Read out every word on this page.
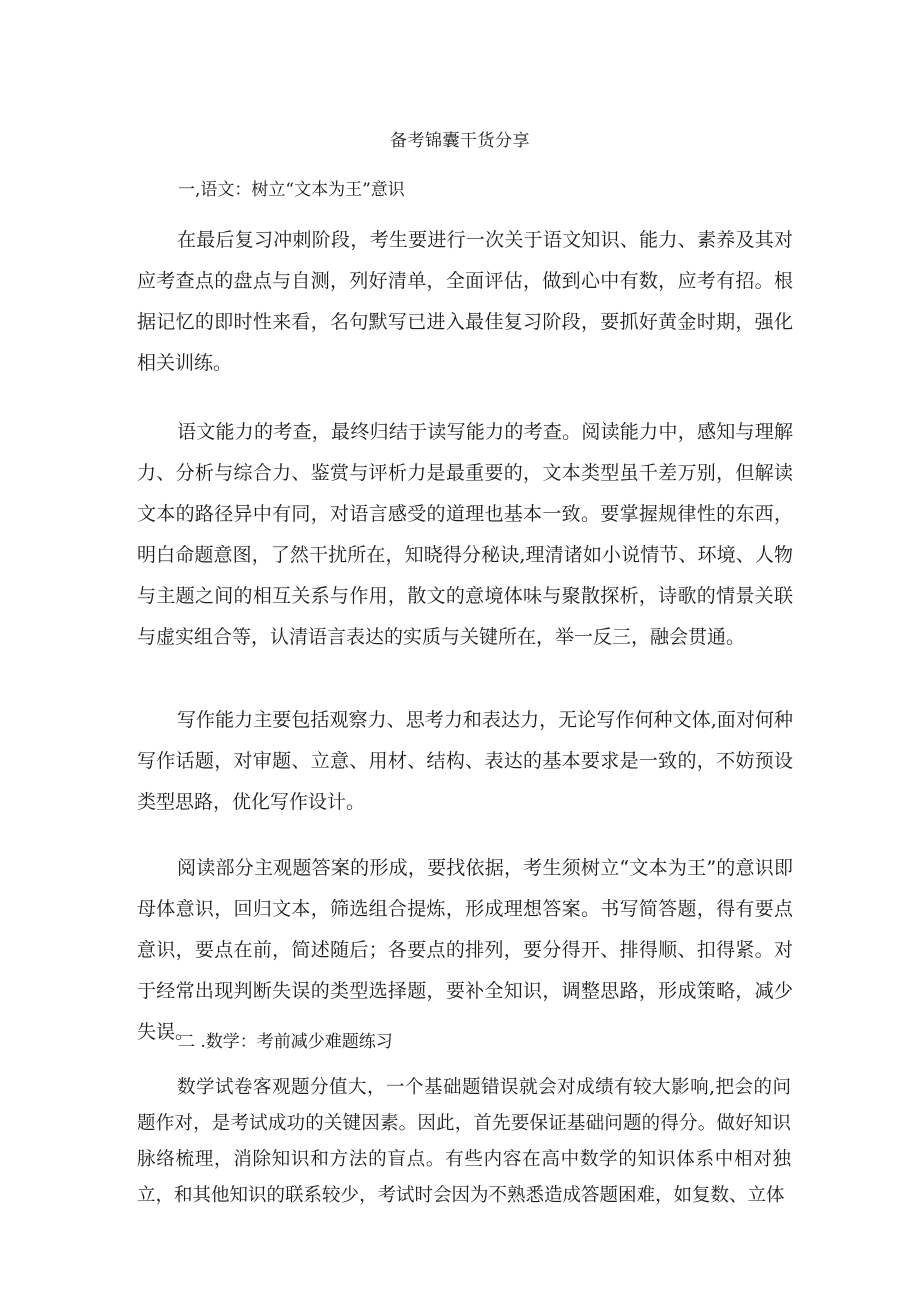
备考锦囊干货分享
一,语文：树立“文本为王”意识

在最后复习冲刺阶段，考生要进行一次关于语文知识、能力、素养及其对应考查点的盘点与自测，列好清单，全面评估，做到心中有数，应考有招。根据记忆的即时性来看，名句默写已进入最佳复习阶段，要抓好黄金时期，强化相关训练。

语文能力的考查，最终归结于读写能力的考查。阅读能力中，感知与理解力、分析与综合力、鉴赏与评析力是最重要的，文本类型虽千差万别，但解读文本的路径异中有同，对语言感受的道理也基本一致。要掌握规律性的东西，明白命题意图，了然干扰所在，知晓得分秘诀,理清诸如小说情节、环境、人物与主题之间的相互关系与作用，散文的意境体味与聚散探析，诗歌的情景关联与虚实组合等，认清语言表达的实质与关键所在，举一反三，融会贯通。

写作能力主要包括观察力、思考力和表达力，无论写作何种文体,面对何种写作话题，对审题、立意、用材、结构、表达的基本要求是一致的，不妨预设类型思路，优化写作设计。

阅读部分主观题答案的形成，要找依据，考生须树立“文本为王”的意识即母体意识，回归文本，筛选组合提炼，形成理想答案。书写简答题，得有要点意识，要点在前，简述随后；各要点的排列，要分得开、排得顺、扣得紧。对于经常出现判断失误的类型选择题，要补全知识，调整思路，形成策略，减少失误。

二 .数学：考前减少难题练习

数学试卷客观题分值大，一个基础题错误就会对成绩有较大影响,把会的问题作对，是考试成功的关键因素。因此，首先要保证基础问题的得分。做好知识脉络梳理，消除知识和方法的盲点。有些内容在高中数学的知识体系中相对独立，和其他知识的联系较少，考试时会因为不熟悉造成答题困难，如复数、立体
